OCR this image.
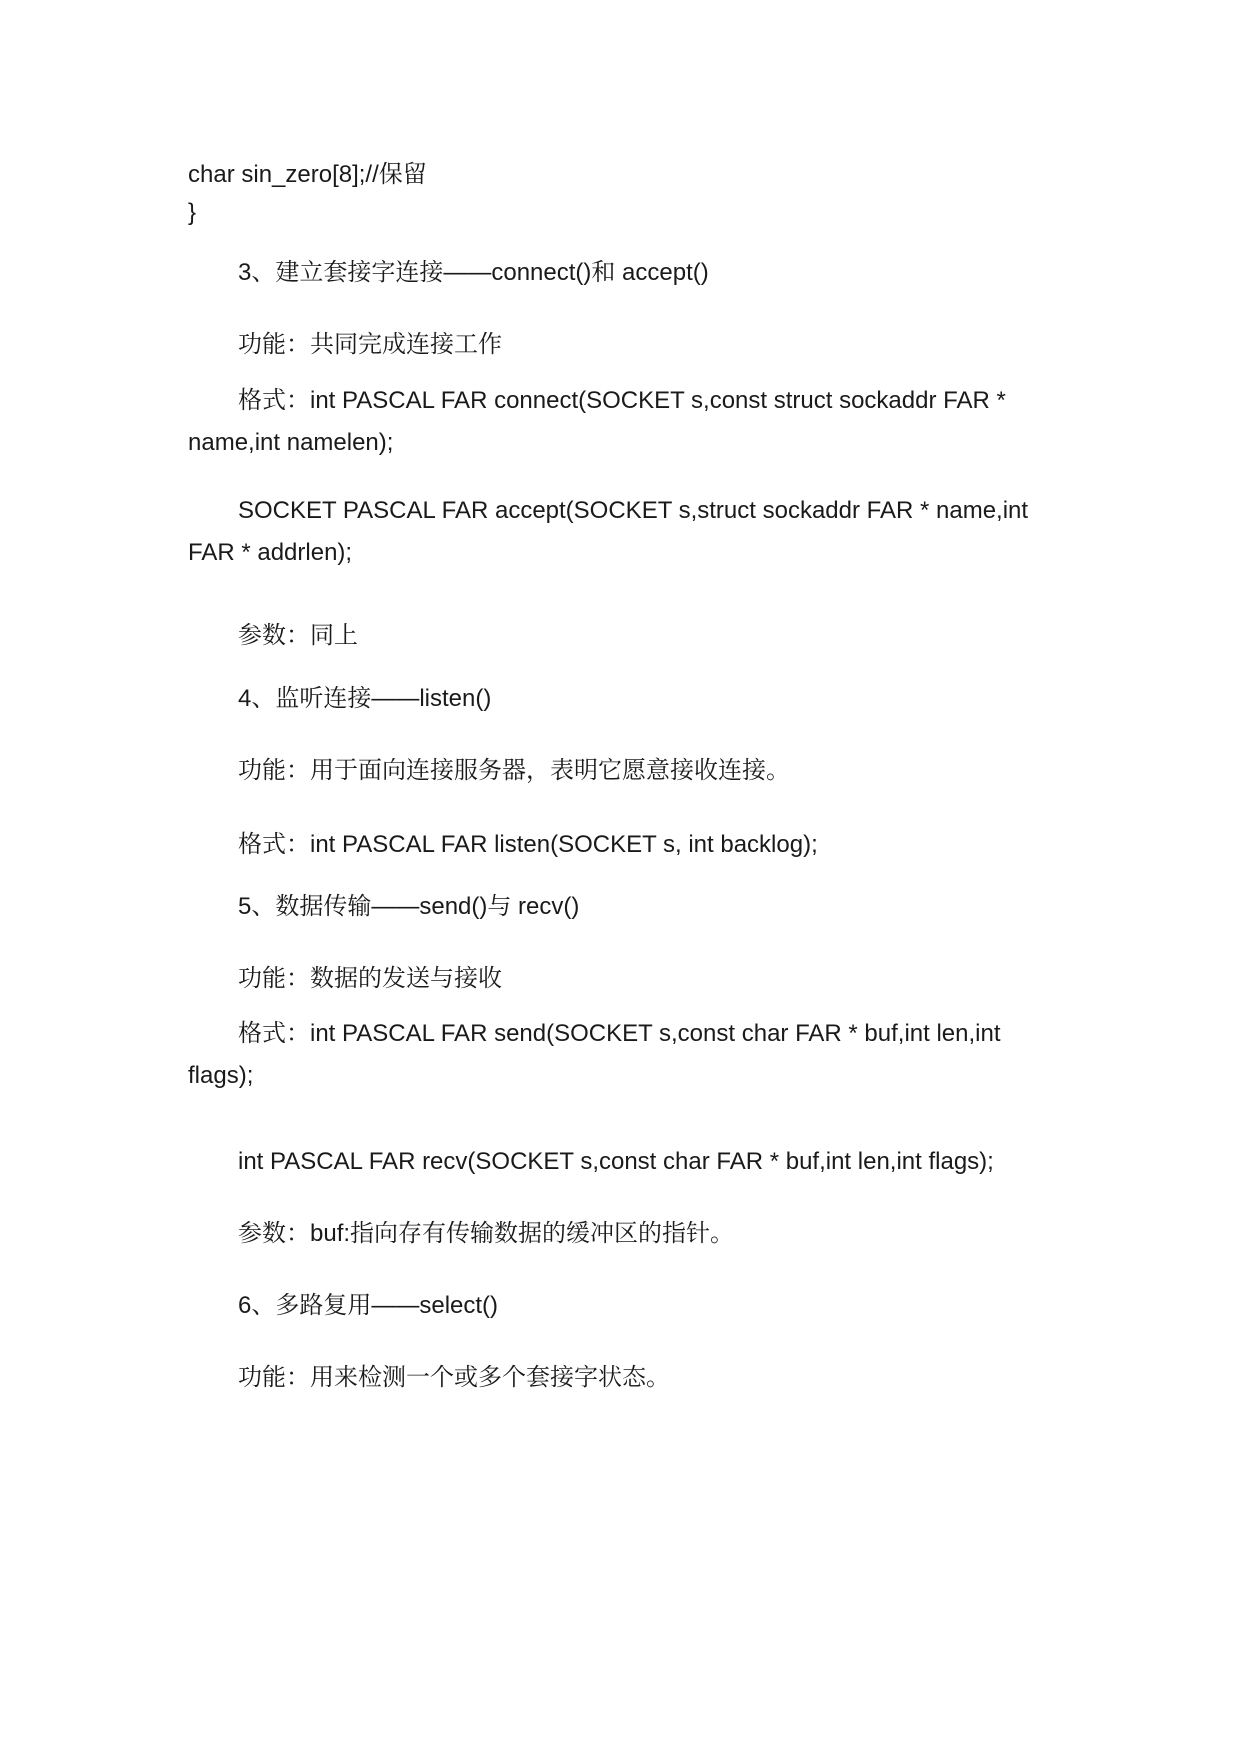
char sin_zero[8];//保留
}
3、建立套接字连接——connect()和 accept()
功能：共同完成连接工作
格式：int PASCAL FAR connect(SOCKET s,const struct sockaddr FAR * name,int namelen);
SOCKET PASCAL FAR accept(SOCKET s,struct sockaddr FAR * name,int FAR * addrlen);
参数：同上
4、监听连接——listen()
功能：用于面向连接服务器，表明它愿意接收连接。
格式：int PASCAL FAR listen(SOCKET s, int backlog);
5、数据传输——send()与 recv()
功能：数据的发送与接收
格式：int PASCAL FAR send(SOCKET s,const char FAR * buf,int len,int flags);
int PASCAL FAR recv(SOCKET s,const char FAR * buf,int len,int flags);
参数：buf:指向存有传输数据的缓冲区的指针。
6、多路复用——select()
功能：用来检测一个或多个套接字状态。
